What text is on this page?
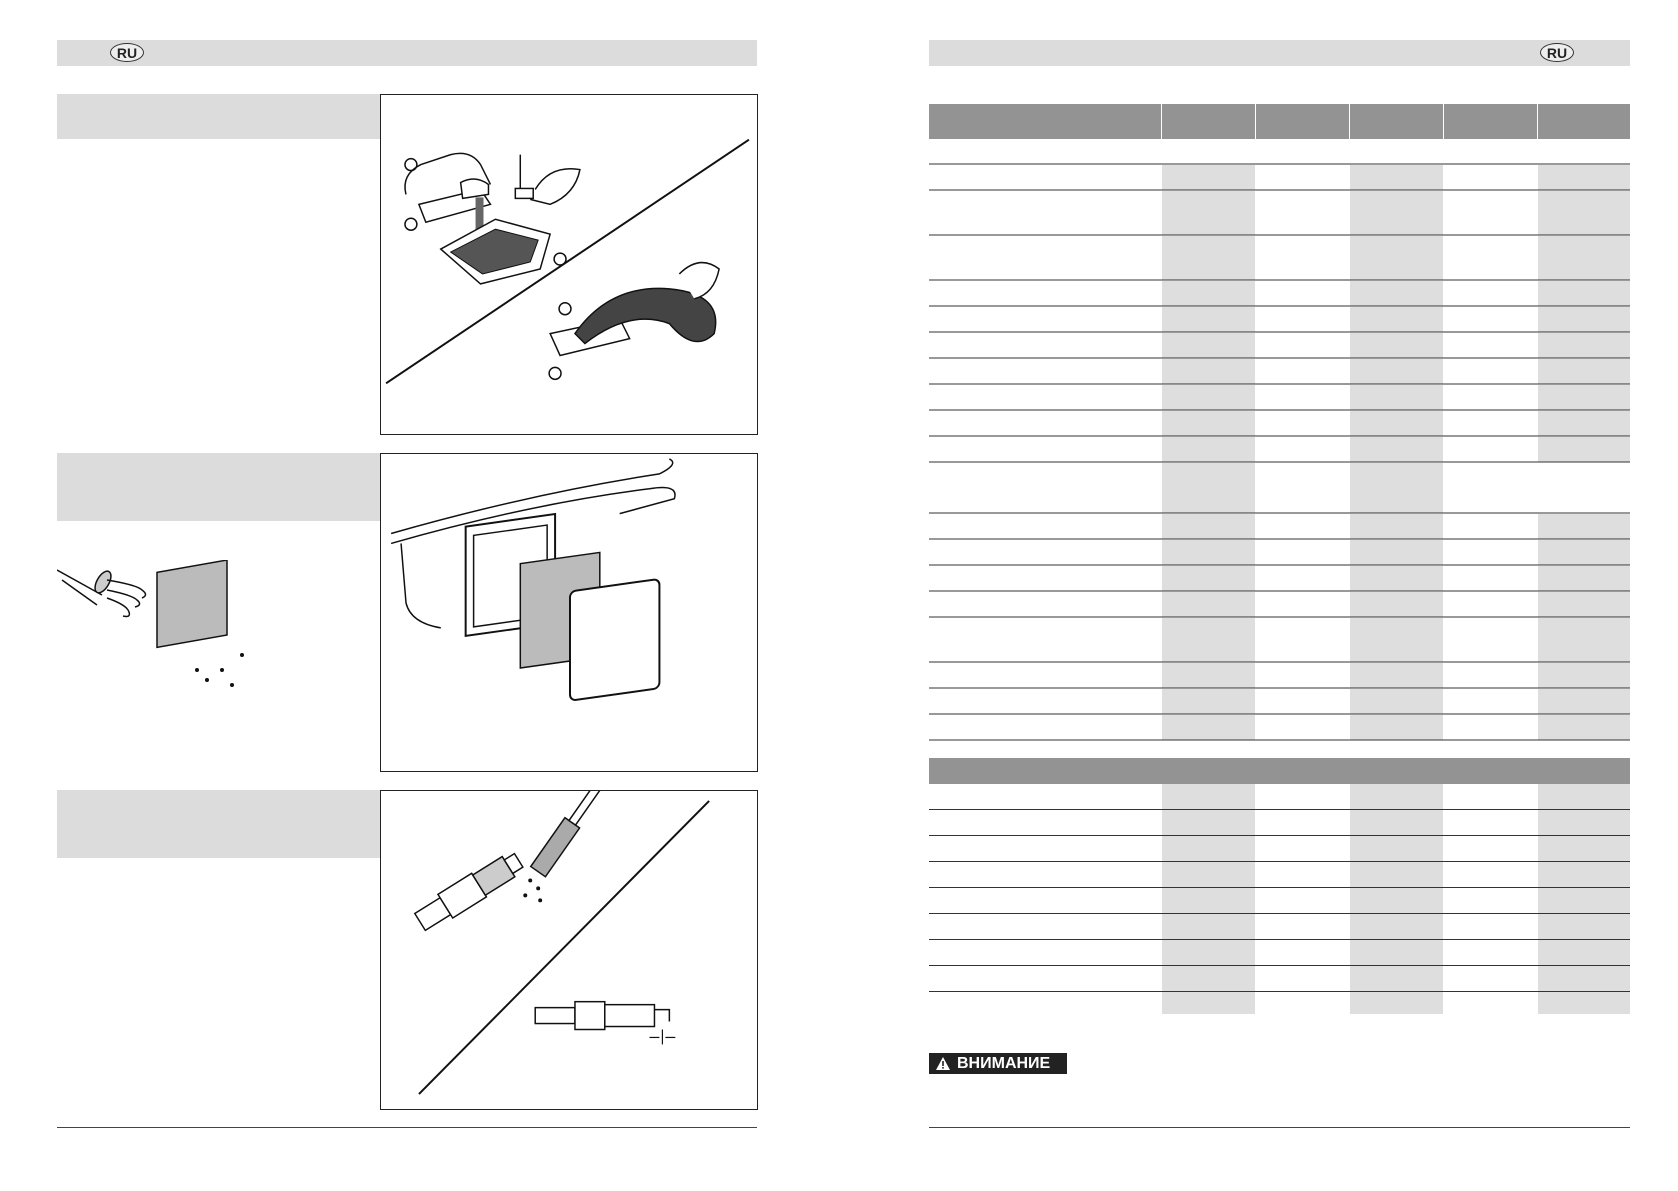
RU	RU
ВНИМАНИЕ
